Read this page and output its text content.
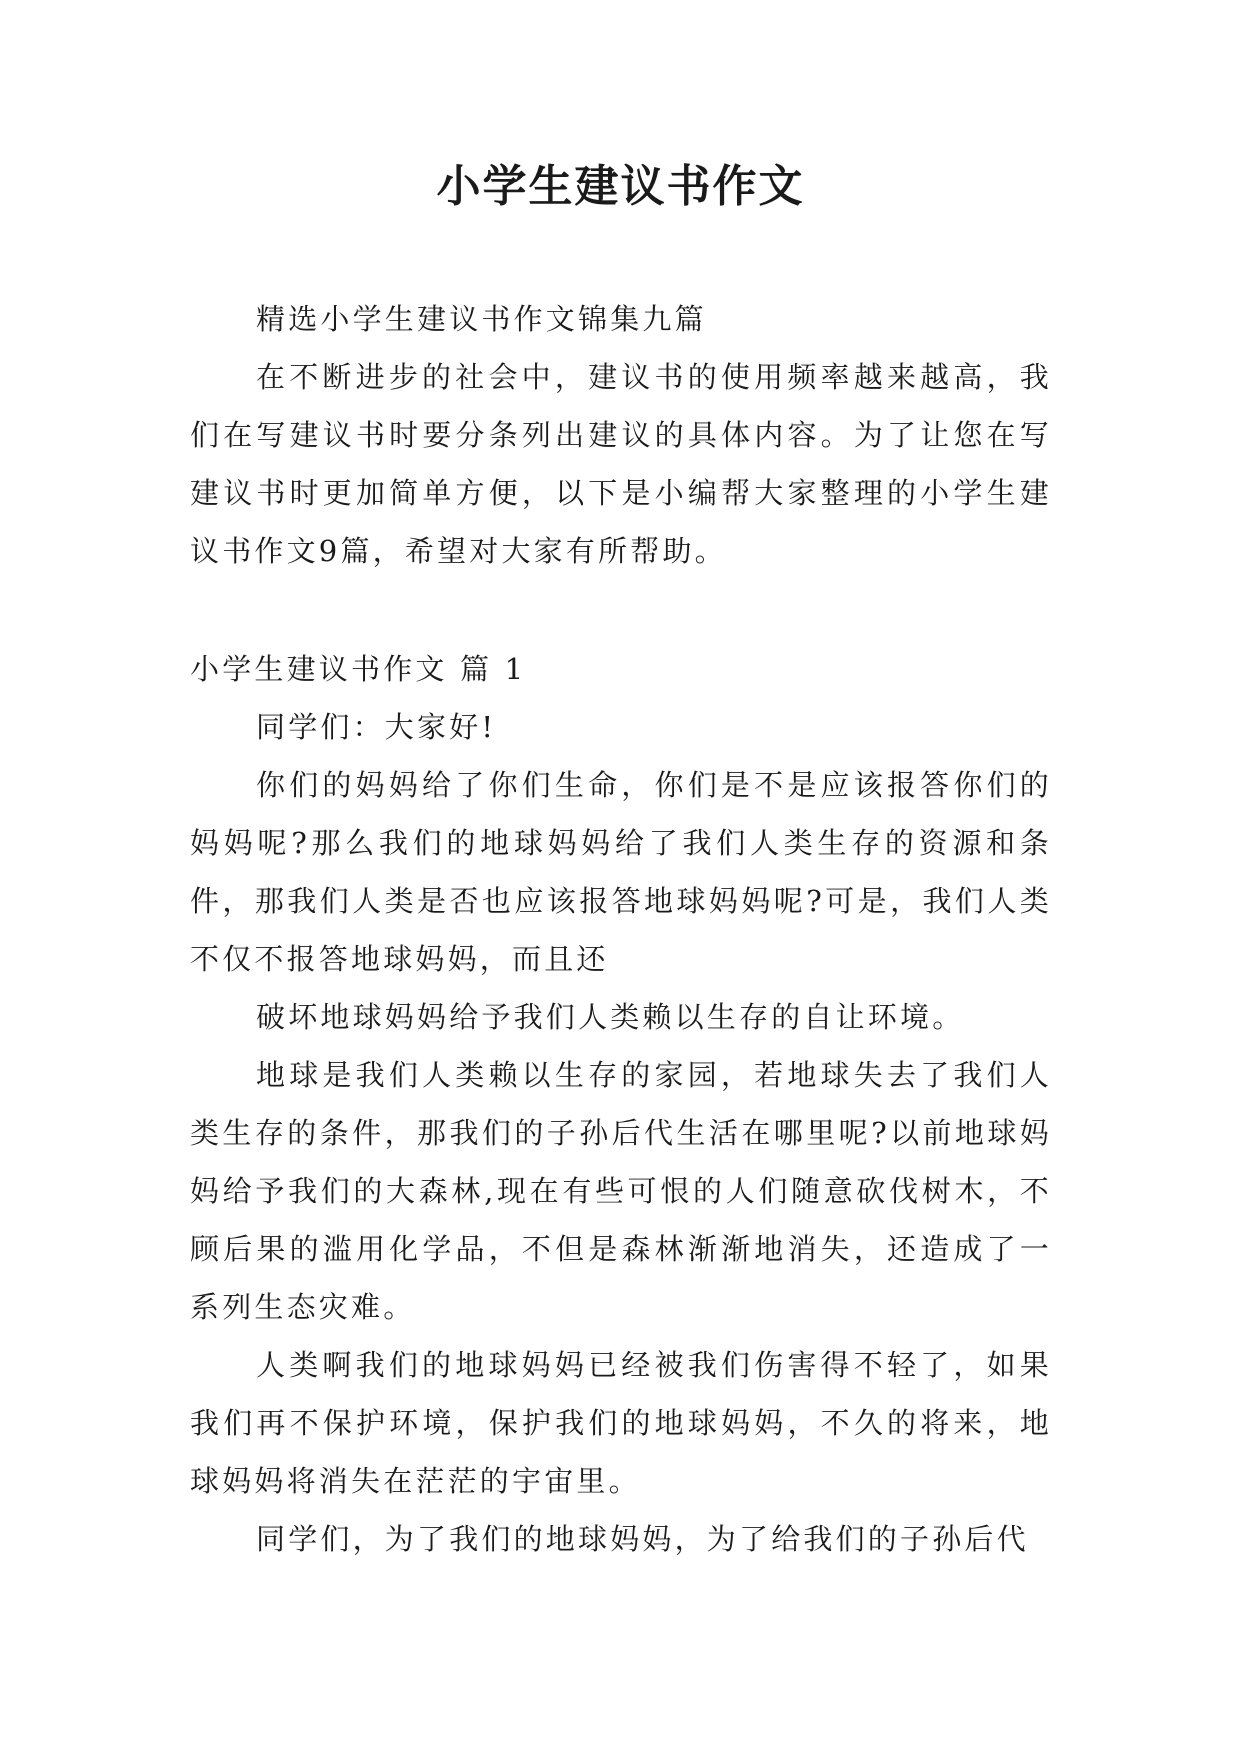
小学生建议书作文

精选小学生建议书作文锦集九篇

在不断进步的社会中，建议书的使用频率越来越高，我们在写建议书时要分条列出建议的具体内容。为了让您在写建议书时更加简单方便，以下是小编帮大家整理的小学生建议书作文9篇，希望对大家有所帮助。

小学生建议书作文 篇 1

同学们：大家好!

你们的妈妈给了你们生命，你们是不是应该报答你们的妈妈呢?那么我们的地球妈妈给了我们人类生存的资源和条件，那我们人类是否也应该报答地球妈妈呢?可是，我们人类不仅不报答地球妈妈，而且还

破坏地球妈妈给予我们人类赖以生存的自让环境。

地球是我们人类赖以生存的家园，若地球失去了我们人类生存的条件，那我们的子孙后代生活在哪里呢?以前地球妈妈给予我们的大森林,现在有些可恨的人们随意砍伐树木，不顾后果的滥用化学品，不但是森林渐渐地消失，还造成了一系列生态灾难。

人类啊我们的地球妈妈已经被我们伤害得不轻了，如果我们再不保护环境，保护我们的地球妈妈，不久的将来，地球妈妈将消失在茫茫的宇宙里。

同学们，为了我们的地球妈妈，为了给我们的子孙后代
